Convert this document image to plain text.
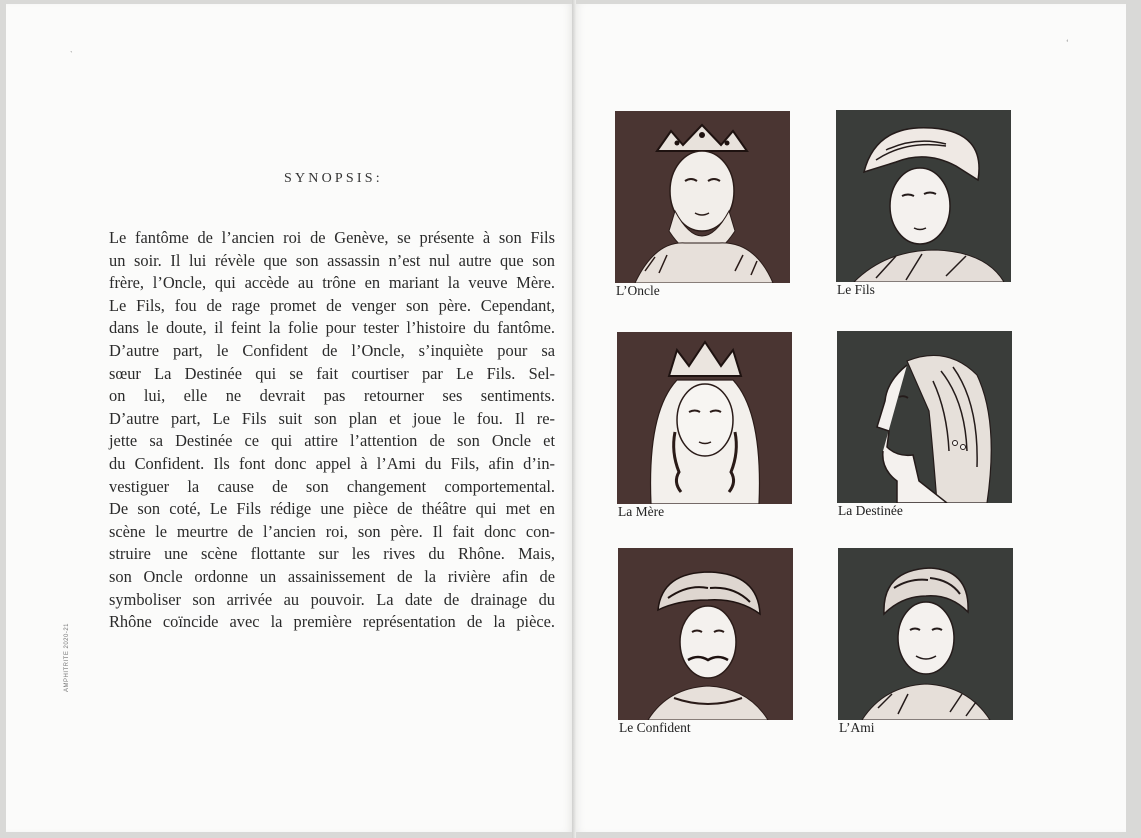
`
‘
SYNOPSIS:
Le fantôme de l’ancien roi de Genève, se présente à son Fils
un soir. Il lui révèle que son assassin n’est nul autre que son
frère, l’Oncle, qui accède au trône en mariant la veuve Mère.
Le Fils, fou de rage promet de venger son père. Cependant,
dans le doute, il feint la folie pour tester l’histoire du fantôme.
D’autre part, le Confident de l’Oncle, s’inquiète pour sa
sœur La Destinée qui se fait courtiser par Le Fils. Sel-
on lui, elle ne devrait pas retourner ses sentiments.
D’autre part, Le Fils suit son plan et joue le fou. Il re-
jette sa Destinée ce qui attire l’attention de son Oncle et
du Confident. Ils font donc appel à l’Ami du Fils, afin d’in-
vestiguer la cause de son changement comportemental.
De son coté, Le Fils rédige une pièce de théâtre qui met en
scène le meurtre de l’ancien roi, son père. Il fait donc con-
struire une scène flottante sur les rives du Rhône. Mais,
son Oncle ordonne un assainissement de la rivière afin de
symboliser son arrivée au pouvoir. La date de drainage du
Rhône coïncide avec la première représentation de la pièce.
AMPHITRITE 2020-21

L’Oncle	Le Fils

La Mère	La Destinée

Le Confident	L’Ami
